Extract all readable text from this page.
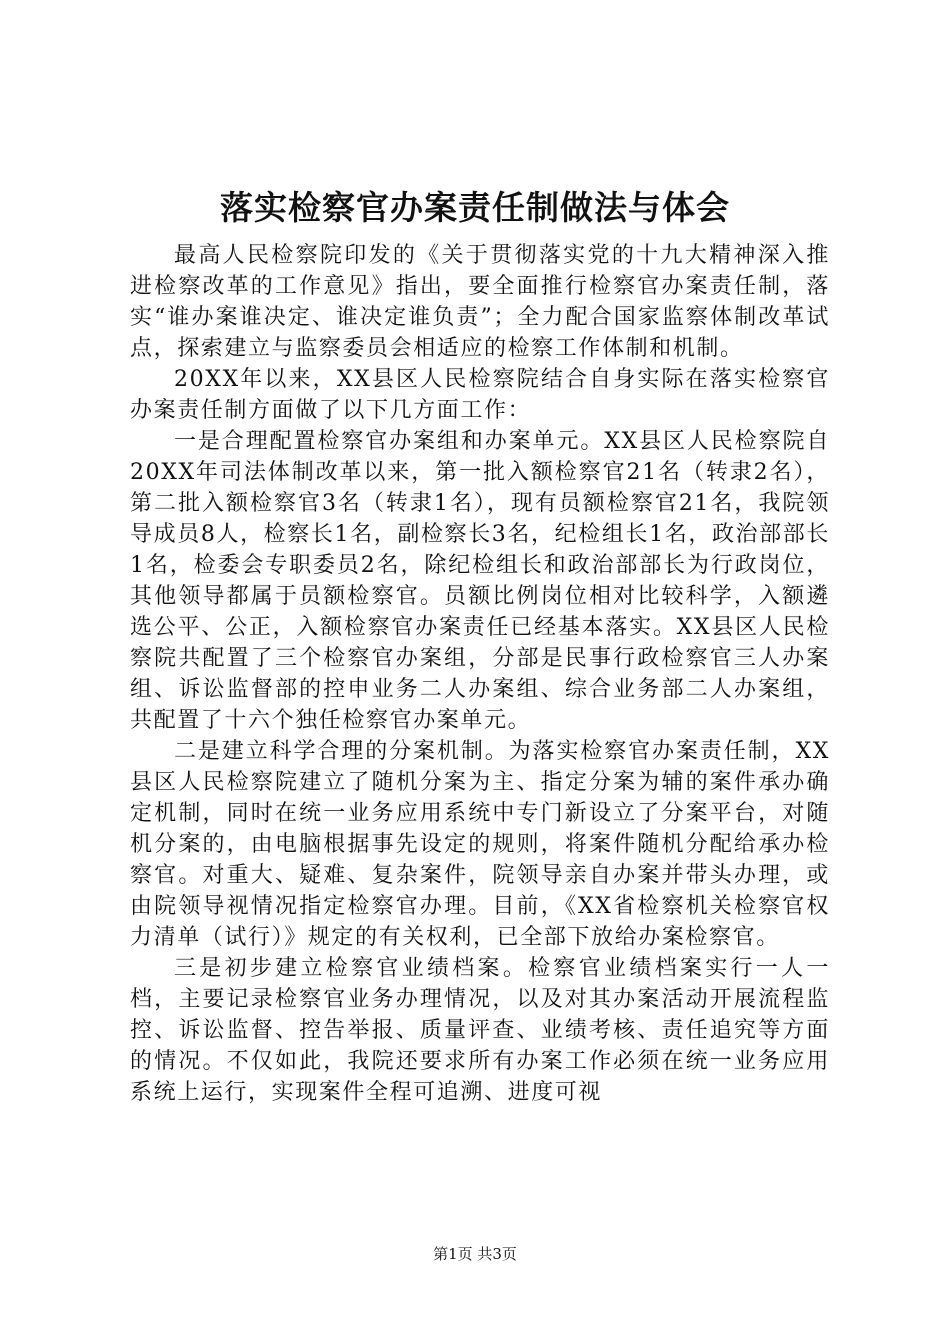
落实检察官办案责任制做法与体会

最高人民检察院印发的《关于贯彻落实党的十九大精神深入推进检察改革的工作意见》指出，要全面推行检察官办案责任制，落实“谁办案谁决定、谁决定谁负责”；全力配合国家监察体制改革试点，探索建立与监察委员会相适应的检察工作体制和机制。

20XX年以来，XX县区人民检察院结合自身实际在落实检察官办案责任制方面做了以下几方面工作：

一是合理配置检察官办案组和办案单元。XX县区人民检察院自20XX年司法体制改革以来，第一批入额检察官21名（转隶2名），第二批入额检察官3名（转隶1名），现有员额检察官21名，我院领导成员8人，检察长1名，副检察长3名，纪检组长1名，政治部部长1名，检委会专职委员2名，除纪检组长和政治部部长为行政岗位，其他领导都属于员额检察官。员额比例岗位相对比较科学，入额遴选公平、公正，入额检察官办案责任已经基本落实。XX县区人民检察院共配置了三个检察官办案组，分部是民事行政检察官三人办案组、诉讼监督部的控申业务二人办案组、综合业务部二人办案组，共配置了十六个独任检察官办案单元。

二是建立科学合理的分案机制。为落实检察官办案责任制，XX县区人民检察院建立了随机分案为主、指定分案为辅的案件承办确定机制，同时在统一业务应用系统中专门新设立了分案平台，对随机分案的，由电脑根据事先设定的规则，将案件随机分配给承办检察官。对重大、疑难、复杂案件，院领导亲自办案并带头办理，或由院领导视情况指定检察官办理。目前，《XX省检察机关检察官权力清单（试行）》规定的有关权利，已全部下放给办案检察官。

三是初步建立检察官业绩档案。检察官业绩档案实行一人一档，主要记录检察官业务办理情况，以及对其办案活动开展流程监控、诉讼监督、控告举报、质量评查、业绩考核、责任追究等方面的情况。不仅如此，我院还要求所有办案工作必须在统一业务应用系统上运行，实现案件全程可追溯、进度可视

第1页 共3页
